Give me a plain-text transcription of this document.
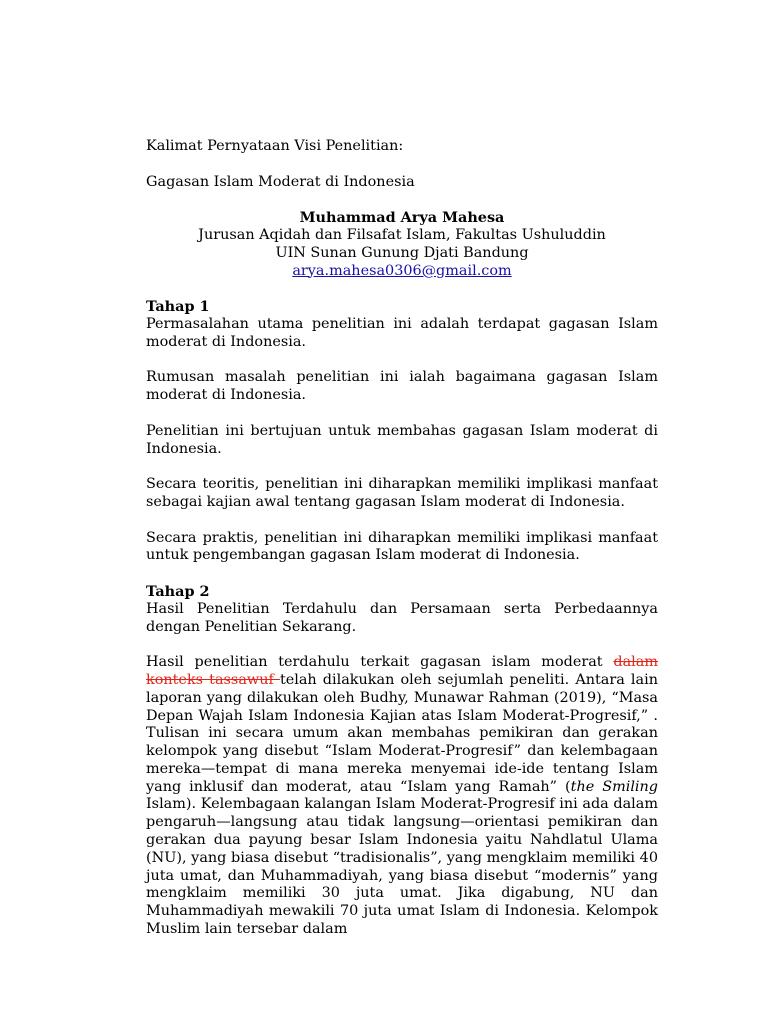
Kalimat Pernyataan Visi Penelitian:

Gagasan Islam Moderat di Indonesia

Muhammad Arya Mahesa

Jurusan Aqidah dan Filsafat Islam, Fakultas Ushuluddin

UIN Sunan Gunung Djati Bandung

arya.mahesa0306@gmail.com

Tahap 1

Permasalahan utama penelitian ini adalah terdapat gagasan Islam moderat di Indonesia.

Rumusan masalah penelitian ini ialah bagaimana gagasan Islam moderat di Indonesia.

Penelitian ini bertujuan untuk membahas gagasan Islam moderat di Indonesia.

Secara teoritis, penelitian ini diharapkan memiliki implikasi manfaat sebagai kajian awal tentang gagasan Islam moderat di Indonesia.

Secara praktis, penelitian ini diharapkan memiliki implikasi manfaat untuk pengembangan gagasan Islam moderat di Indonesia.

Tahap 2

Hasil Penelitian Terdahulu dan Persamaan serta Perbedaannya dengan Penelitian Sekarang.

Hasil penelitian terdahulu terkait gagasan islam moderat dalam konteks tassawuf telah dilakukan oleh sejumlah peneliti. Antara lain laporan yang dilakukan oleh Budhy, Munawar Rahman (2019), “Masa Depan Wajah Islam Indonesia Kajian atas Islam Moderat-Progresif,” . Tulisan ini secara umum akan membahas pemikiran dan gerakan kelompok yang disebut “Islam Moderat-Progresif” dan kelembagaan mereka—tempat di mana mereka menyemai ide-ide tentang Islam yang inklusif dan moderat, atau “Islam yang Ramah” (the Smiling Islam). Kelembagaan kalangan Islam Moderat-Progresif ini ada dalam pengaruh—langsung atau tidak langsung—orientasi pemikiran dan gerakan dua payung besar Islam Indonesia yaitu Nahdlatul Ulama (NU), yang biasa disebut “tradisionalis”, yang mengklaim memiliki 40 juta umat, dan Muhammadiyah, yang biasa disebut “modernis” yang mengklaim memiliki 30 juta umat. Jika digabung, NU dan Muhammadiyah mewakili 70 juta umat Islam di Indonesia. Kelompok Muslim lain tersebar dalam
